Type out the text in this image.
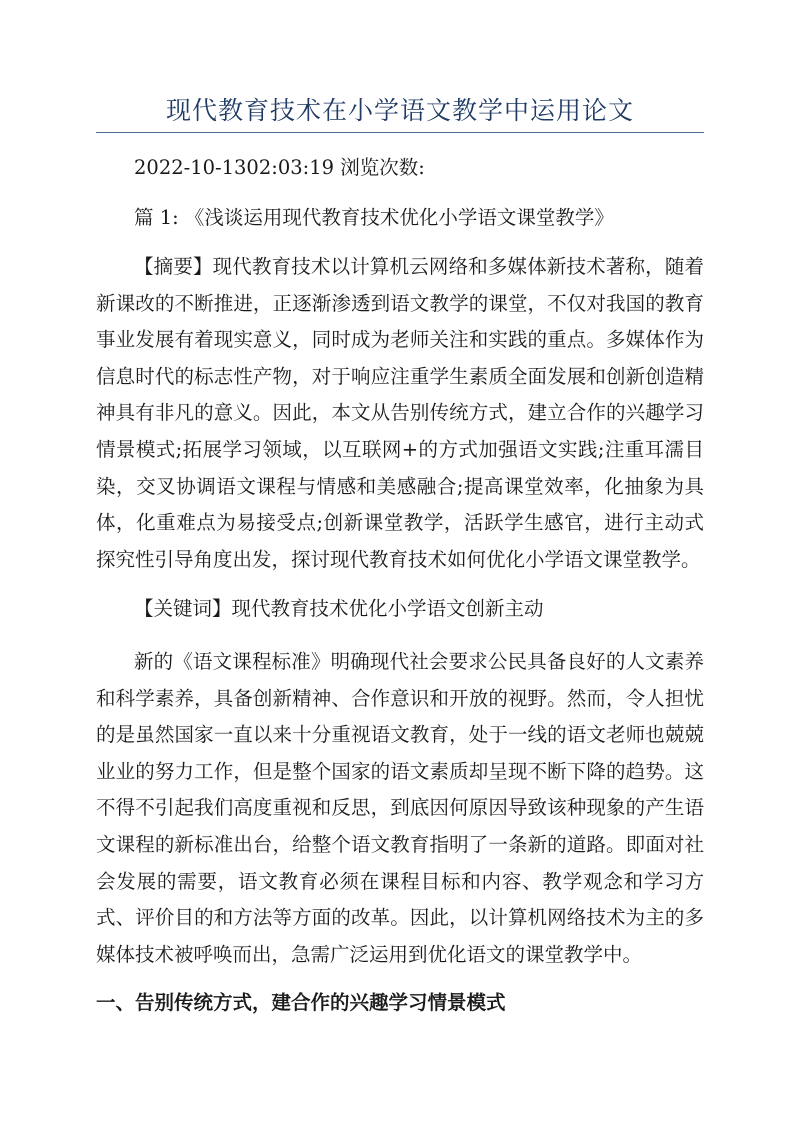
现代教育技术在小学语文教学中运用论文
2022-10-1302:03:19 浏览次数:
篇 1: 《浅谈运用现代教育技术优化小学语文课堂教学》
【摘要】现代教育技术以计算机云网络和多媒体新技术著称，随着新课改的不断推进，正逐渐渗透到语文教学的课堂，不仅对我国的教育事业发展有着现实意义，同时成为老师关注和实践的重点。多媒体作为信息时代的标志性产物，对于响应注重学生素质全面发展和创新创造精神具有非凡的意义。因此，本文从告别传统方式，建立合作的兴趣学习情景模式;拓展学习领域，以互联网+的方式加强语文实践;注重耳濡目染，交叉协调语文课程与情感和美感融合;提高课堂效率，化抽象为具体，化重难点为易接受点;创新课堂教学，活跃学生感官，进行主动式探究性引导角度出发，探讨现代教育技术如何优化小学语文课堂教学。
【关键词】现代教育技术优化小学语文创新主动
新的《语文课程标准》明确现代社会要求公民具备良好的人文素养和科学素养，具备创新精神、合作意识和开放的视野。然而，令人担忧的是虽然国家一直以来十分重视语文教育，处于一线的语文老师也兢兢业业的努力工作，但是整个国家的语文素质却呈现不断下降的趋势。这不得不引起我们高度重视和反思，到底因何原因导致该种现象的产生语文课程的新标准出台，给整个语文教育指明了一条新的道路。即面对社会发展的需要，语文教育必须在课程目标和内容、教学观念和学习方式、评价目的和方法等方面的改革。因此，以计算机网络技术为主的多媒体技术被呼唤而出，急需广泛运用到优化语文的课堂教学中。
一、告别传统方式，建合作的兴趣学习情景模式
